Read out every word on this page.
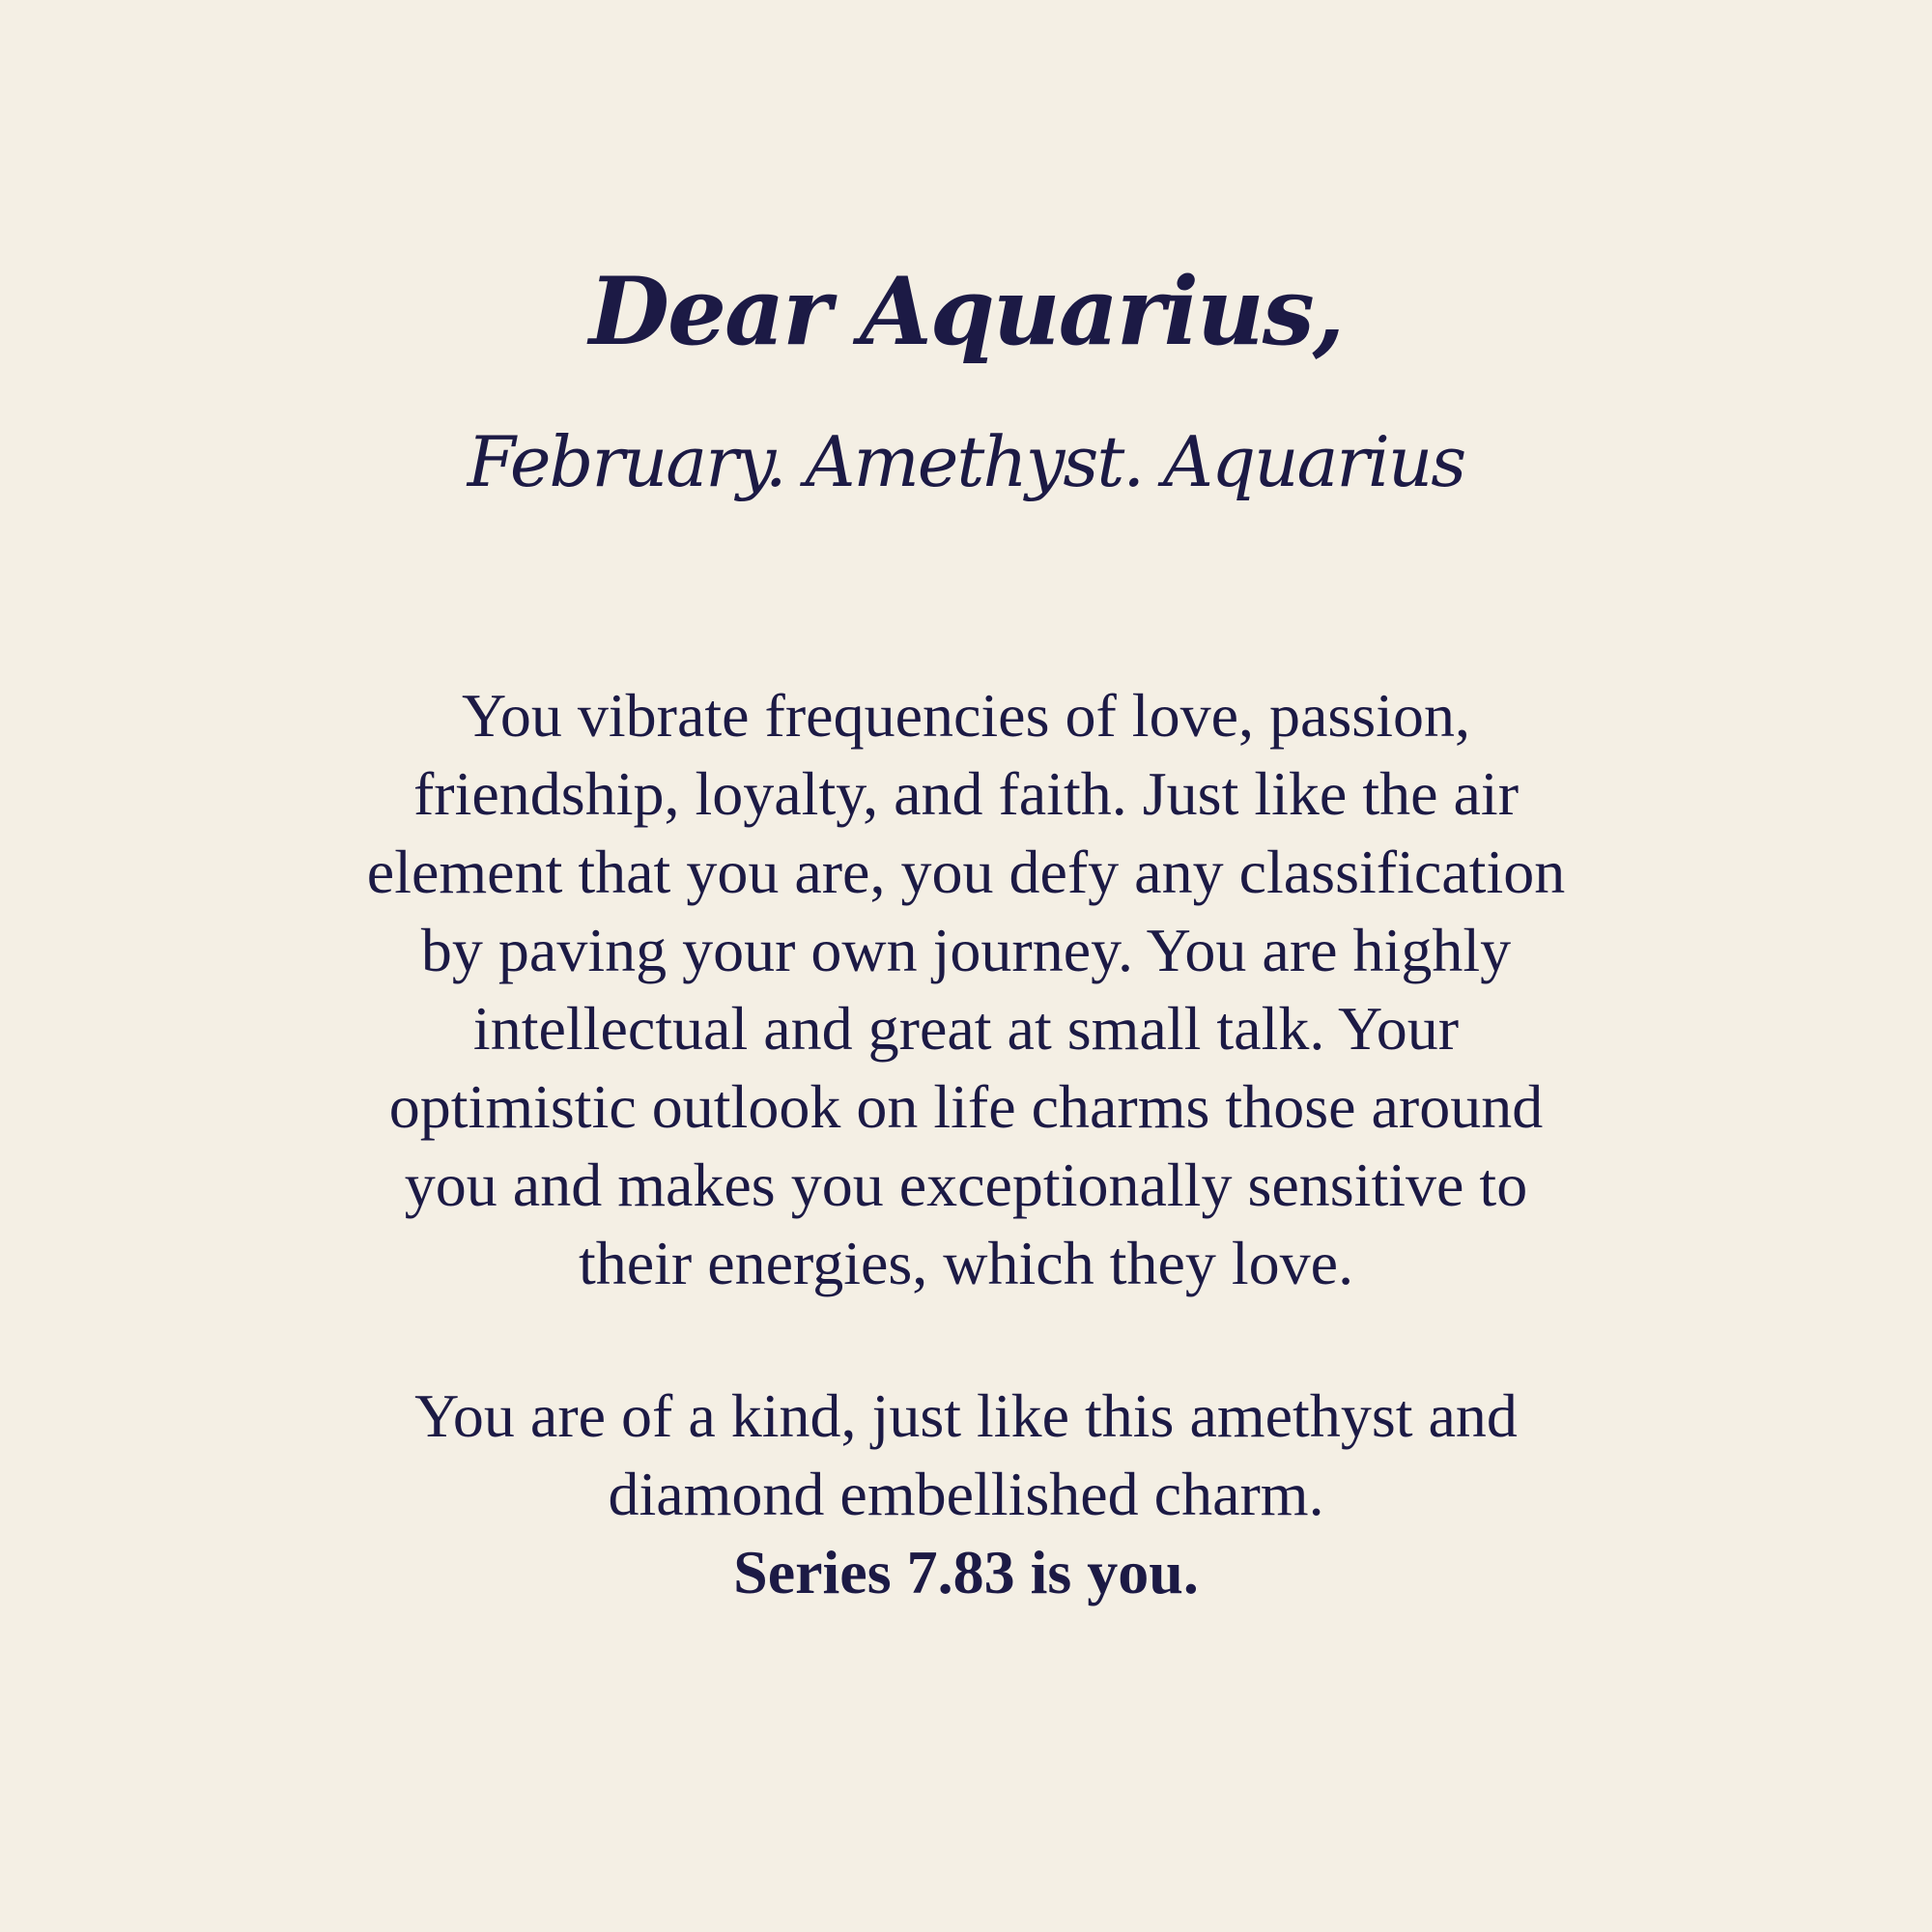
Dear Aquarius,
February. Amethyst. Aquarius
You vibrate frequencies of love, passion,
friendship, loyalty, and faith. Just like the air
element that you are, you defy any classification
by paving your own journey. You are highly
intellectual and great at small talk. Your
optimistic outlook on life charms those around
you and makes you exceptionally sensitive to
their energies, which they love.
You are of a kind, just like this amethyst and
diamond embellished charm.
Series 7.83 is you.
